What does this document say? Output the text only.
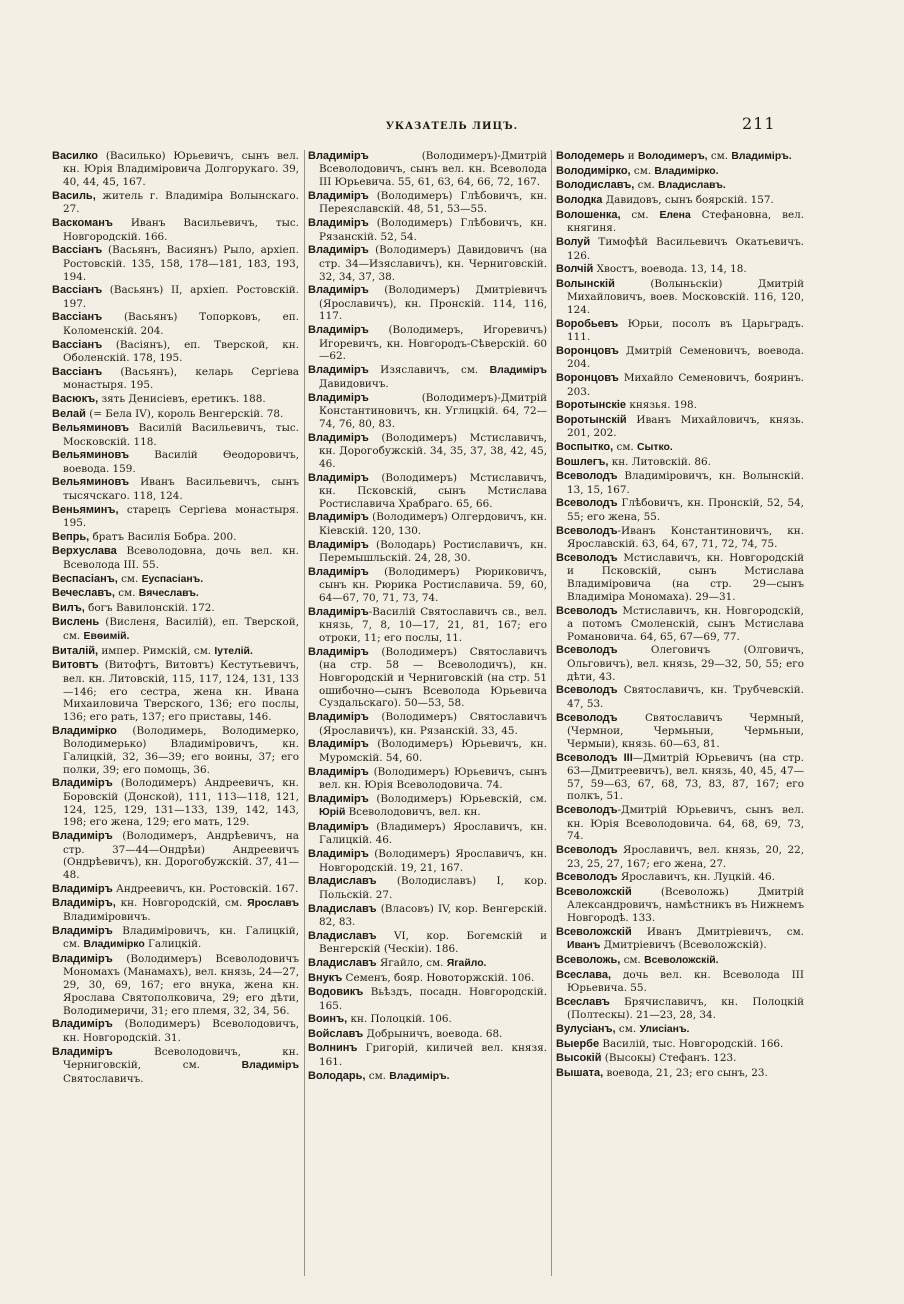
УКАЗАТЕЛЬ ЛИЦЪ.	211
Василко (Василько) Юрьевичъ, сынъ вел. кн. Юрія Владиміровича Долгорукаго. 39, 40, 44, 45, 167.
Василь, житель г. Владиміра Волынскаго. 27.
Васкоманъ Иванъ Васильевичъ, тыс. Новгородскій. 166.
Вассіанъ (Васьянъ, Васиянъ) Рыло, архіеп. Ростовскій. 135, 158, 178—181, 183, 193, 194.
Вассіанъ (Васьянъ) II, архіеп. Ростовскій. 197.
Вассіанъ (Васьянъ) Топорковъ, еп. Коломенскій. 204.
Вассіанъ (Васіянъ), еп. Тверской, кн. Оболенскій. 178, 195.
Вассіанъ (Васьянъ), келарь Сергіева монастыря. 195.
Васюкъ, зять Денисіевъ, еретикъ. 188.
Велай (= Бела IV), король Венгерскій. 78.
Вельяминовъ Василій Васильевичъ, тыс. Московскій. 118.
Вельяминовъ Василій Ѳеодоровичъ, воевода. 159.
Вельяминовъ Иванъ Васильевичъ, сынъ тысячскаго. 118, 124.
Веньяминъ, старецъ Сергіева монастыря. 195.
Вепрь, братъ Василія Бобра. 200.
Верхуслава Всеволодовна, дочь вел. кн. Всеволода III. 55.
Веспасіанъ, см. Еуспасіанъ.
Вечеславъ, см. Вячеславъ.
Вилъ, богъ Вавилонскій. 172.
Вислень (Висленя, Василій), еп. Тверской, см. Евѳимій.
Виталій, импер. Римскій, см. Іутелій.
Витовтъ (Витофтъ, Витовтъ) Кестутьевичъ, вел. кн. Литовскій, 115, 117, 124, 131, 133—146; его сестра, жена кн. Ивана Михаиловича Тверского, 136; его послы, 136; его рать, 137; его приставы, 146.
Владимірко (Володимерь, Володимерко, Володимерько) Владиміровичъ, кн. Галицкій, 32, 36—39; его воины, 37; его полки, 39; его помощь, 36.
Владиміръ (Володимеръ) Андреевичъ, кн. Боровскій (Донской), 111, 113—118, 121, 124, 125, 129, 131—133, 139, 142, 143, 198; его жена, 129; его мать, 129.
Владиміръ (Володимеръ, Андрѣевичъ, на стр. 37—44—Ондрѣи) Андреевичъ (Ондрѣевичъ), кн. Дорогобужскій. 37, 41—48.
Владиміръ Андреевичъ, кн. Ростовскій. 167.
Владиміръ, кн. Новгородскій, см. Ярославъ Владиміровичъ.
Владиміръ Владиміровичъ, кн. Галицкій, см. Владимірко Галицкій.
Владиміръ (Володимеръ) Всеволодовичъ Мономахъ (Манамахъ), вел. князь, 24—27, 29, 30, 69, 167; его внука, жена кн. Ярослава Святополковича, 29; его дѣти, Володимеричи, 31; его племя, 32, 34, 56.
Владиміръ (Володимеръ) Всеволодовичъ, кн. Новгородскій. 31.
Владиміръ Всеволодовичъ, кн. Черниговскій, см. Владиміръ Святославичъ.
Владиміръ (Володимеръ)-Дмитрій Всеволодовичъ, сынъ вел. кн. Всеволода III Юрьевича. 55, 61, 63, 64, 66, 72, 167.
Владиміръ (Володимеръ) Глѣбовичъ, кн. Переяславскій. 48, 51, 53—55.
Владиміръ (Володимеръ) Глѣбовичъ, кн. Рязанскій. 52, 54.
Владиміръ (Володимеръ) Давидовичъ (на стр. 34—Изяславичъ), кн. Черниговскій. 32, 34, 37, 38.
Владиміръ (Володимеръ) Дмитріевичъ (Ярославичъ), кн. Пронскій. 114, 116, 117.
Владиміръ (Володимеръ, Игоревичъ) Игоревичъ, кн. Новгородъ-Сѣверскій. 60—62.
Владиміръ Изяславичъ, см. Владиміръ Давидовичъ.
Владиміръ (Володимеръ)-Дмитрій Константиновичъ, кн. Углицкій. 64, 72—74, 76, 80, 83.
Владиміръ (Володимеръ) Мстиславичъ, кн. Дорогобужскій. 34, 35, 37, 38, 42, 45, 46.
Владиміръ (Володимеръ) Мстиславичъ, кн. Псковскій, сынъ Мстислава Ростиславича Храбраго. 65, 66.
Владиміръ (Володимеръ) Олгердовичъ, кн. Кіевскій. 120, 130.
Владиміръ (Володарь) Ростиславичъ, кн. Перемышльскій. 24, 28, 30.
Владиміръ (Володимеръ) Рюриковичъ, сынъ кн. Рюрика Ростиславича. 59, 60, 64—67, 70, 71, 73, 74.
Владиміръ-Василій Святославичъ св., вел. князь, 7, 8, 10—17, 21, 81, 167; его отроки, 11; его послы, 11.
Владиміръ (Володимеръ) Святославичъ (на стр. 58 — Всеволодичъ), кн. Новгородскій и Черниговскій (на стр. 51 ошибочно—сынъ Всеволода Юрьевича Суздальскаго). 50—53, 58.
Владиміръ (Володимеръ) Святославичъ (Ярославичъ), кн. Рязанскій. 33, 45.
Владиміръ (Володимеръ) Юрьевичъ, кн. Муромскій. 54, 60.
Владиміръ (Володимеръ) Юрьевичъ, сынъ вел. кн. Юрія Всеволодовича. 74.
Владиміръ (Володимеръ) Юрьевскій, см. Юрій Всеволодовичъ, вел. кн.
Владиміръ (Владимеръ) Ярославичъ, кн. Галицкій. 46.
Владиміръ (Володимеръ) Ярославичъ, кн. Новгородскій. 19, 21, 167.
Владиславъ (Володиславъ) I, кор. Польскій. 27.
Владиславъ (Власовъ) IV, кор. Венгерскій. 82, 83.
Владиславъ VI, кор. Богемскій и Венгерскій (Ческіи). 186.
Владиславъ Ягайло, см. Ягайло.
Внукъ Семенъ, бояр. Новоторжскій. 106.
Водовикъ Вьѣздъ, посадн. Новгородскій. 165.
Воинъ, кн. Полоцкій. 106.
Войславъ Добрыничъ, воевода. 68.
Волнинъ Григорій, киличей вел. князя. 161.
Володарь, см. Владиміръ.
Володемерь и Володимеръ, см. Владиміръ.
Володимірко, см. Владимірко.
Володиславъ, см. Владиславъ.
Володка Давидовъ, сынъ боярскій. 157.
Волошенка, см. Елена Стефановна, вел. княгиня.
Волуй Тимофѣй Васильевичъ Окатьевичъ. 126.
Волчій Хвостъ, воевода. 13, 14, 18.
Волынскій (Волыньскіи) Дмитрій Михайловичъ, воев. Московскій. 116, 120, 124.
Воробьевъ Юрьи, посолъ въ Царьградъ. 111.
Воронцовъ Дмитрій Семеновичъ, воевода. 204.
Воронцовъ Михайло Семеновичъ, бояринъ. 203.
Воротынскіе князья. 198.
Воротынскій Иванъ Михайловичъ, князь. 201, 202.
Воспытко, см. Сытко.
Вошлегъ, кн. Литовскій. 86.
Всеволодъ Владиміровичъ, кн. Волынскій. 13, 15, 167.
Всеволодъ Глѣбовичъ, кн. Пронскій, 52, 54, 55; его жена, 55.
Всеволодъ-Иванъ Константиновичъ, кн. Ярославскій. 63, 64, 67, 71, 72, 74, 75.
Всеволодъ Мстиславичъ, кн. Новгородскій и Псковскій, сынъ Мстислава Владиміровича (на стр. 29—сынъ Владиміра Мономаха). 29—31.
Всеволодъ Мстиславичъ, кн. Новгородскій, а потомъ Смоленскій, сынъ Мстислава Романовича. 64, 65, 67—69, 77.
Всеволодъ Олеговичъ (Олговичъ, Ольговичъ), вел. князь, 29—32, 50, 55; его дѣти, 43.
Всеволодъ Святославичъ, кн. Трубчевскій. 47, 53.
Всеволодъ Святославичъ Чермный, (Чермнои, Чермьныи, Чермьныи, Чермыи), князь. 60—63, 81.
Всеволодъ III—Дмитрій Юрьевичъ (на стр. 63—Дмитреевичъ), вел. князь, 40, 45, 47—57, 59—63, 67, 68, 73, 83, 87, 167; его полкъ, 51.
Всеволодъ-Дмитрій Юрьевичъ, сынъ вел. кн. Юрія Всеволодовича. 64, 68, 69, 73, 74.
Всеволодъ Ярославичъ, вел. князь, 20, 22, 23, 25, 27, 167; его жена, 27.
Всеволодъ Ярославичъ, кн. Луцкій. 46.
Всеволожскій (Всеволожь) Дмитрій Александровичъ, намѣстникъ въ Нижнемъ Новгородѣ. 133.
Всеволожскій Иванъ Дмитріевичъ, см. Иванъ Дмитріевичъ (Всеволожскій).
Всеволожь, см. Всеволожскій.
Всеслава, дочь вел. кн. Всеволода III Юрьевича. 55.
Всеславъ Брячиславичъ, кн. Полоцкій (Полтескы). 21—23, 28, 34.
Вулусіанъ, см. Улисіанъ.
Выербе Василій, тыс. Новгородскій. 166.
Высокій (Высокы) Стефанъ. 123.
Вышата, воевода, 21, 23; его сынъ, 23.
